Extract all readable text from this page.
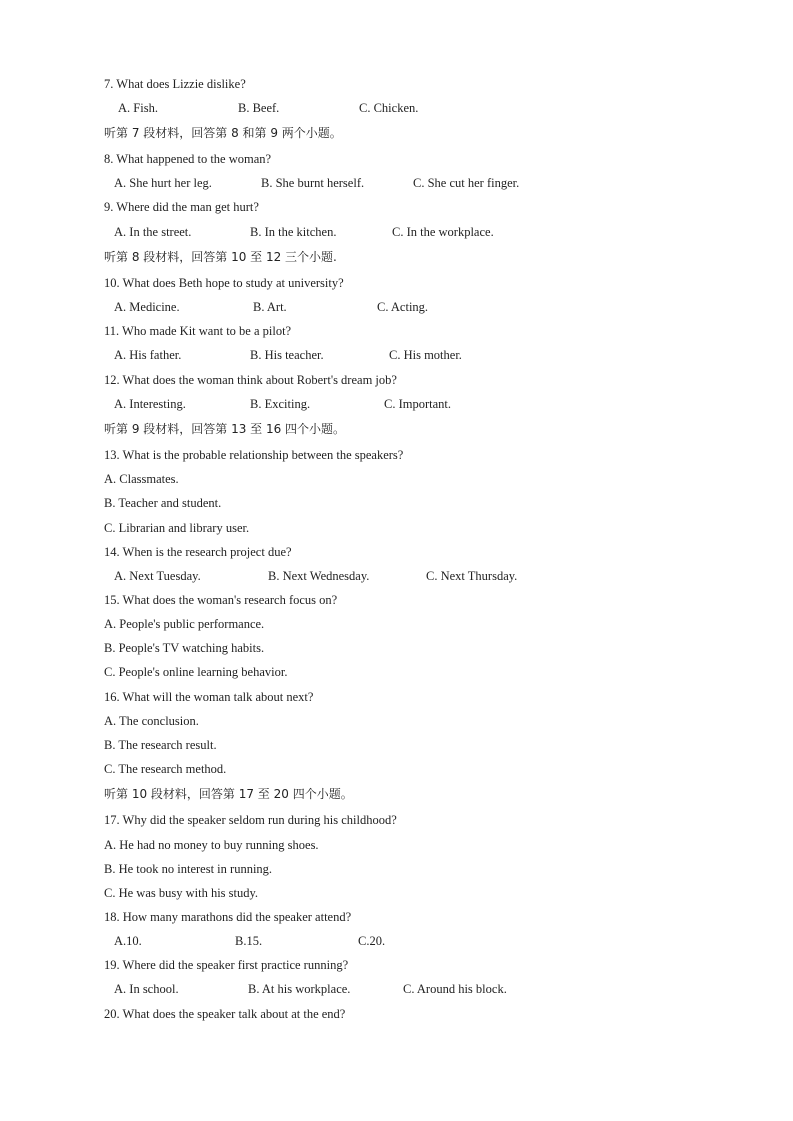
7. What does Lizzie dislike?
A. Fish.	B. Beef.	C. Chicken.
听第 7 段材料，回答第 8 和第 9 两个小题。
8. What happened to the woman?
A. She hurt her leg.	B. She burnt herself.	C. She cut her finger.
9. Where did the man get hurt?
A. In the street.	B. In the kitchen.	C. In the workplace.
听第 8 段材料，回答第 10 至 12 三个小题.
10. What does Beth hope to study at university?
A. Medicine.	B. Art.	C. Acting.
11. Who made Kit want to be a pilot?
A. His father.	B. His teacher.	C. His mother.
12. What does the woman think about Robert's dream job?
A. Interesting.	B. Exciting.	C. Important.
听第 9 段材料，回答第 13 至 16 四个小题。
13. What is the probable relationship between the speakers?
A. Classmates.
B. Teacher and student.
C. Librarian and library user.
14. When is the research project due?
A. Next Tuesday.	B. Next Wednesday.	C. Next Thursday.
15. What does the woman's research focus on?
A. People's public performance.
B. People's TV watching habits.
C. People's online learning behavior.
16. What will the woman talk about next?
A. The conclusion.
B. The research result.
C. The research method.
听第 10 段材料，回答第 17 至 20 四个小题。
17. Why did the speaker seldom run during his childhood?
A. He had no money to buy running shoes.
B. He took no interest in running.
C. He was busy with his study.
18. How many marathons did the speaker attend?
A.10.	B.15.	C.20.
19. Where did the speaker first practice running?
A. In school.	B. At his workplace.	C. Around his block.
20. What does the speaker talk about at the end?
